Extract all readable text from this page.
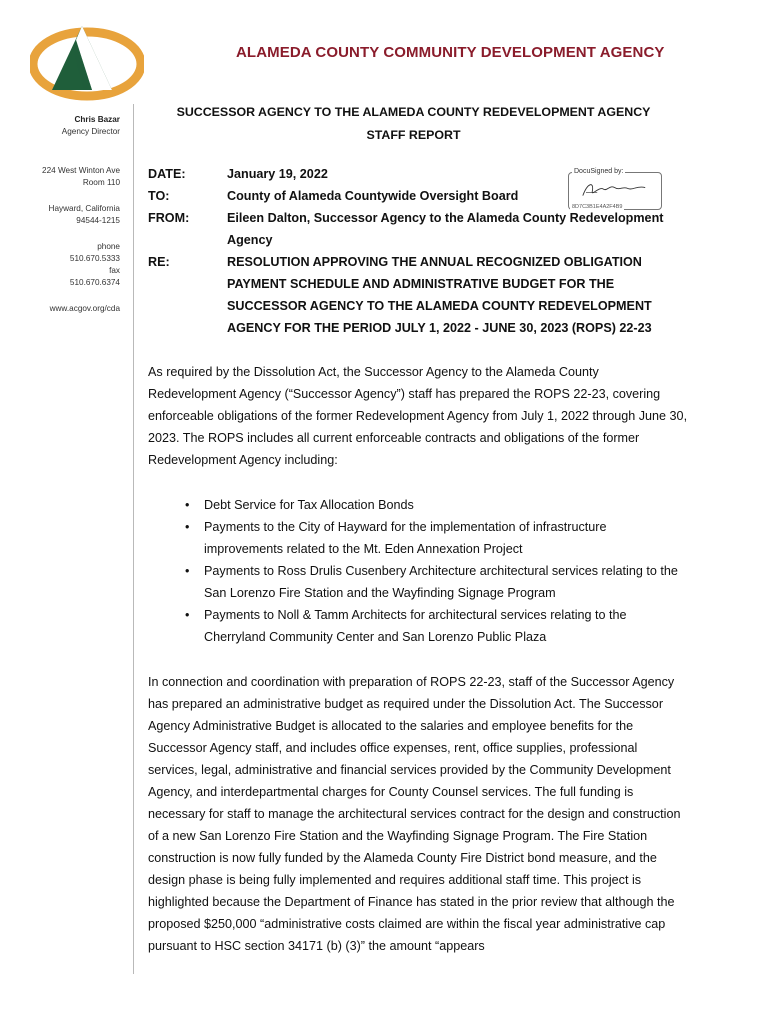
ALAMEDA COUNTY COMMUNITY DEVELOPMENT AGENCY
Chris Bazar
Agency Director
224 West Winton Ave
Room 110
Hayward, California
94544-1215
phone
510.670.5333
fax
510.670.6374
www.acgov.org/cda
SUCCESSOR AGENCY TO THE ALAMEDA COUNTY REDEVELOPMENT AGENCY
STAFF REPORT
DATE:	January 19, 2022
TO:	County of Alameda Countywide Oversight Board
FROM:	Eileen Dalton, Successor Agency to the Alameda County Redevelopment Agency
RE:	RESOLUTION APPROVING THE ANNUAL RECOGNIZED OBLIGATION PAYMENT SCHEDULE AND ADMINISTRATIVE BUDGET FOR THE SUCCESSOR AGENCY TO THE ALAMEDA COUNTY REDEVELOPMENT AGENCY FOR THE PERIOD JULY 1, 2022 - JUNE 30, 2023 (ROPS) 22-23
DocuSigned by:
8D7C3B1E4A2F4B9

As required by the Dissolution Act, the Successor Agency to the Alameda County Redevelopment Agency (“Successor Agency”) staff has prepared the ROPS 22-23, covering enforceable obligations of the former Redevelopment Agency from July 1, 2022 through June 30, 2023. The ROPS includes all current enforceable contracts and obligations of the former Redevelopment Agency including:

• Debt Service for Tax Allocation Bonds
• Payments to the City of Hayward for the implementation of infrastructure improvements related to the Mt. Eden Annexation Project
• Payments to Ross Drulis Cusenbery Architecture architectural services relating to the San Lorenzo Fire Station and the Wayfinding Signage Program
• Payments to Noll & Tamm Architects for architectural services relating to the Cherryland Community Center and San Lorenzo Public Plaza

In connection and coordination with preparation of ROPS 22-23, staff of the Successor Agency has prepared an administrative budget as required under the Dissolution Act. The Successor Agency Administrative Budget is allocated to the salaries and employee benefits for the Successor Agency staff, and includes office expenses, rent, office supplies, professional services, legal, administrative and financial services provided by the Community Development Agency, and interdepartmental charges for County Counsel services. The full funding is necessary for staff to manage the architectural services contract for the design and construction of a new San Lorenzo Fire Station and the Wayfinding Signage Program. The Fire Station construction is now fully funded by the Alameda County Fire District bond measure, and the design phase is being fully implemented and requires additional staff time. This project is highlighted because the Department of Finance has stated in the prior review that although the proposed $250,000 “administrative costs claimed are within the fiscal year administrative cap pursuant to HSC section 34171 (b) (3)” the amount “appears
